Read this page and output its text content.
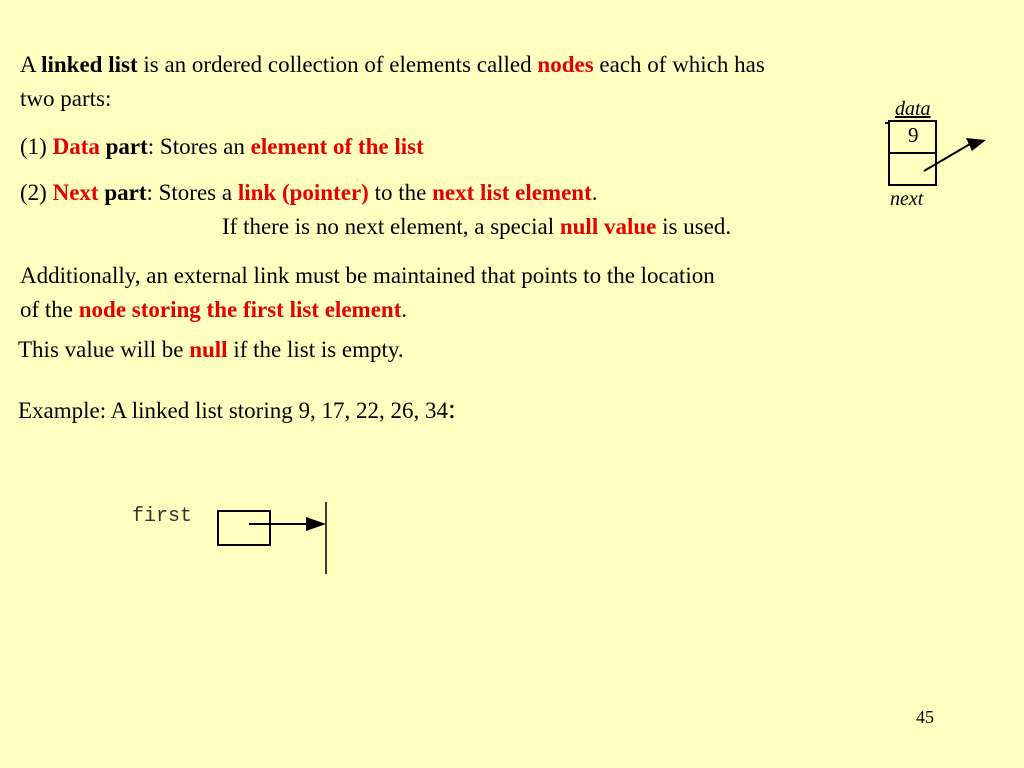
A linked list is an ordered collection of elements called nodes each of which has

two parts:

(1) Data part: Stores an element of the list

(2) Next part: Stores a link (pointer) to the next list element.

If there is no next element, a special null value is used.

Additionally, an external link must be maintained that points to the location

of the node storing the first list element.

This value will be null if the list is empty.

Example: A linked list storing 9, 17, 22, 26, 34:

data
9
next
first
45
